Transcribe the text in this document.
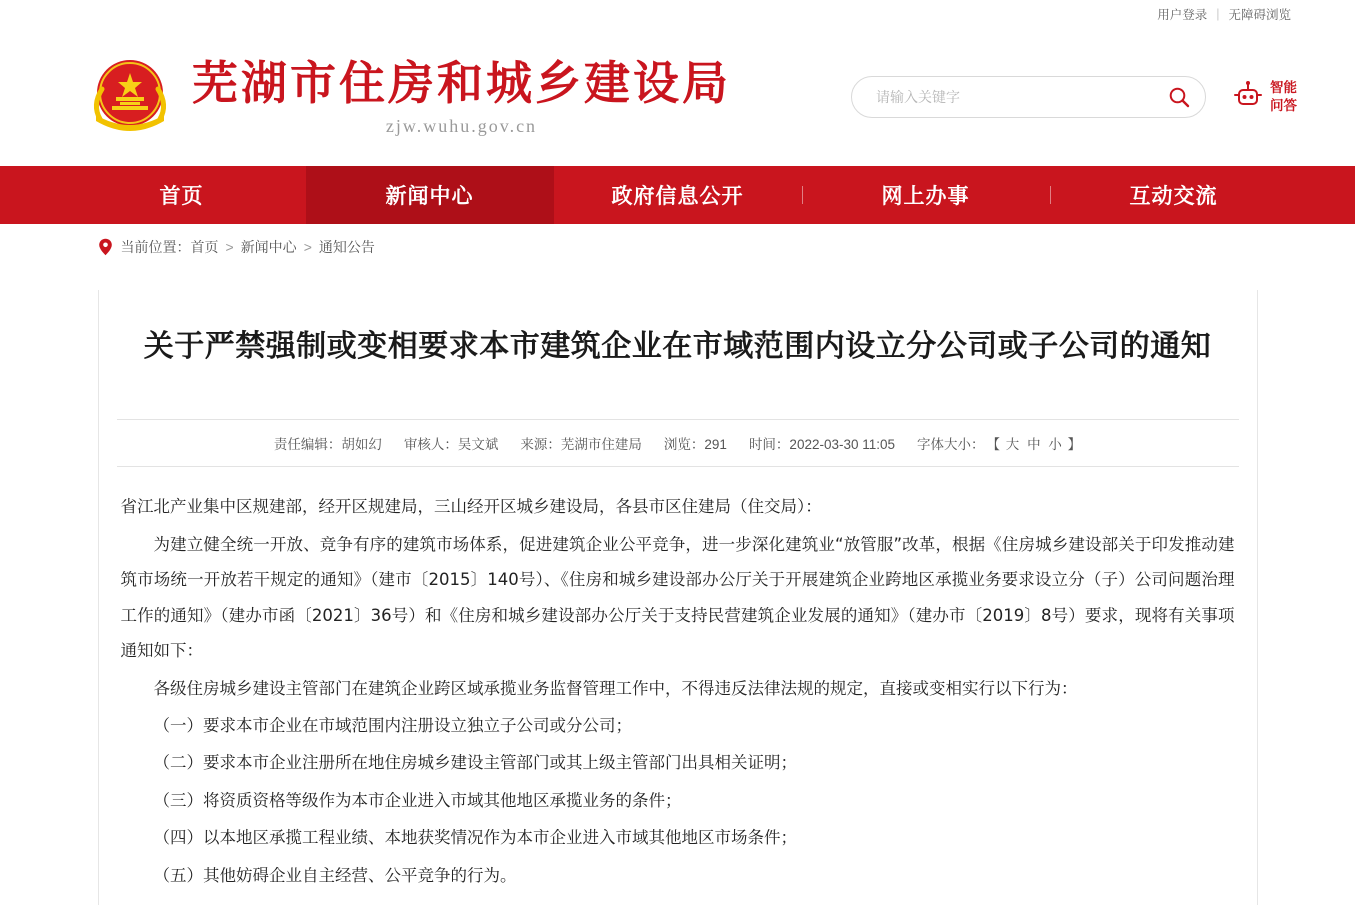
用户登录 | 无障碍浏览
芜湖市住房和城乡建设局
zjw.wuhu.gov.cn
请输入关键字
智能
问答
首页	新闻中心	政府信息公开	网上办事	互动交流
当前位置： 首页 > 新闻中心 > 通知公告
关于严禁强制或变相要求本市建筑企业在市域范围内设立分公司或子公司的通知
责任编辑：胡如幻 审核人：吴文斌 来源：芜湖市住建局 浏览：291 时间：2022-03-30 11:05 字体大小： 【 大 中 小 】

省江北产业集中区规建部，经开区规建局，三山经开区城乡建设局，各县市区住建局（住交局）：

为建立健全统一开放、竞争有序的建筑市场体系，促进建筑企业公平竞争，进一步深化建筑业“放管服”改革，根据《住房城乡建设部关于印发推动建筑市场统一开放若干规定的通知》（建市〔2015〕140号）、《住房和城乡建设部办公厅关于开展建筑企业跨地区承揽业务要求设立分（子）公司问题治理工作的通知》（建办市函〔2021〕36号）和《住房和城乡建设部办公厅关于支持民营建筑企业发展的通知》（建办市〔2019〕8号）要求，现将有关事项通知如下：

各级住房城乡建设主管部门在建筑企业跨区域承揽业务监督管理工作中，不得违反法律法规的规定，直接或变相实行以下行为：

（一）要求本市企业在市域范围内注册设立独立子公司或分公司；

（二）要求本市企业注册所在地住房城乡建设主管部门或其上级主管部门出具相关证明；

（三）将资质资格等级作为本市企业进入市域其他地区承揽业务的条件；

（四）以本地区承揽工程业绩、本地获奖情况作为本市企业进入市域其他地区市场条件；

（五）其他妨碍企业自主经营、公平竞争的行为。
